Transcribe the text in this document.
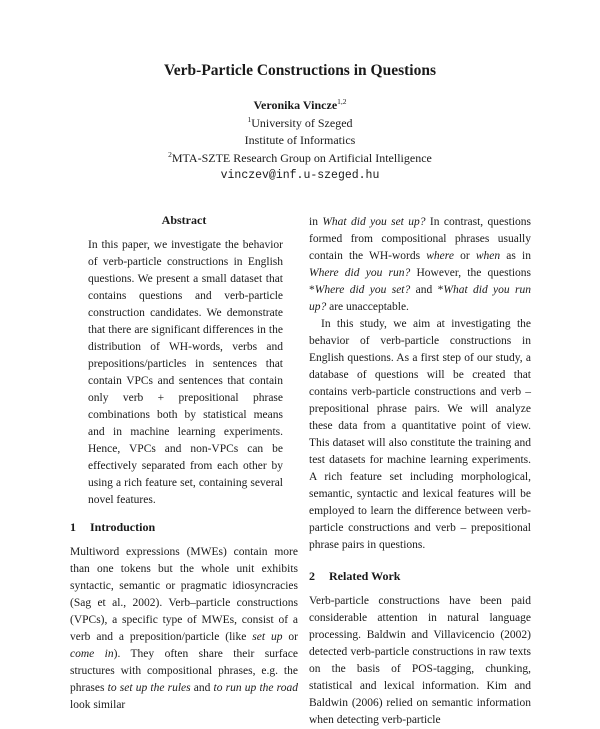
Verb-Particle Constructions in Questions
Veronika Vincze$^{1,2}$
$^1$University of Szeged
Institute of Informatics
$^2$MTA-SZTE Research Group on Artificial Intelligence
vinczev@inf.u-szeged.hu
Abstract

In this paper, we investigate the behavior of verb-particle constructions in English questions. We present a small dataset that contains questions and verb-particle construction candidates. We demonstrate that there are significant differences in the distribution of WH-words, verbs and prepositions/particles in sentences that contain VPCs and sentences that contain only verb + prepositional phrase combinations both by statistical means and in machine learning experiments. Hence, VPCs and non-VPCs can be effectively separated from each other by using a rich feature set, containing several novel features.

1 Introduction

Multiword expressions (MWEs) contain more than one tokens but the whole unit exhibits syntactic, semantic or pragmatic idiosyncracies (Sag et al., 2002). Verb–particle constructions (VPCs), a specific type of MWEs, consist of a verb and a preposition/particle (like set up or come in). They often share their surface structures with compositional phrases, e.g. the phrases to set up the rules and to run up the road look similar

in What did you set up? In contrast, questions formed from compositional phrases usually contain the WH-words where or when as in Where did you run? However, the questions *Where did you set? and *What did you run up? are unacceptable.

In this study, we aim at investigating the behavior of verb-particle constructions in English questions. As a first step of our study, a database of questions will be created that contains verb-particle constructions and verb – prepositional phrase pairs. We will analyze these data from a quantitative point of view. This dataset will also constitute the training and test datasets for machine learning experiments. A rich feature set including morphological, semantic, syntactic and lexical features will be employed to learn the difference between verb-particle constructions and verb – prepositional phrase pairs in questions.

2 Related Work

Verb-particle constructions have been paid considerable attention in natural language processing. Baldwin and Villavicencio (2002) detected verb-particle constructions in raw texts on the basis of POS-tagging, chunking, statistical and lexical information. Kim and Baldwin (2006) relied on semantic information when detecting verb-particle
